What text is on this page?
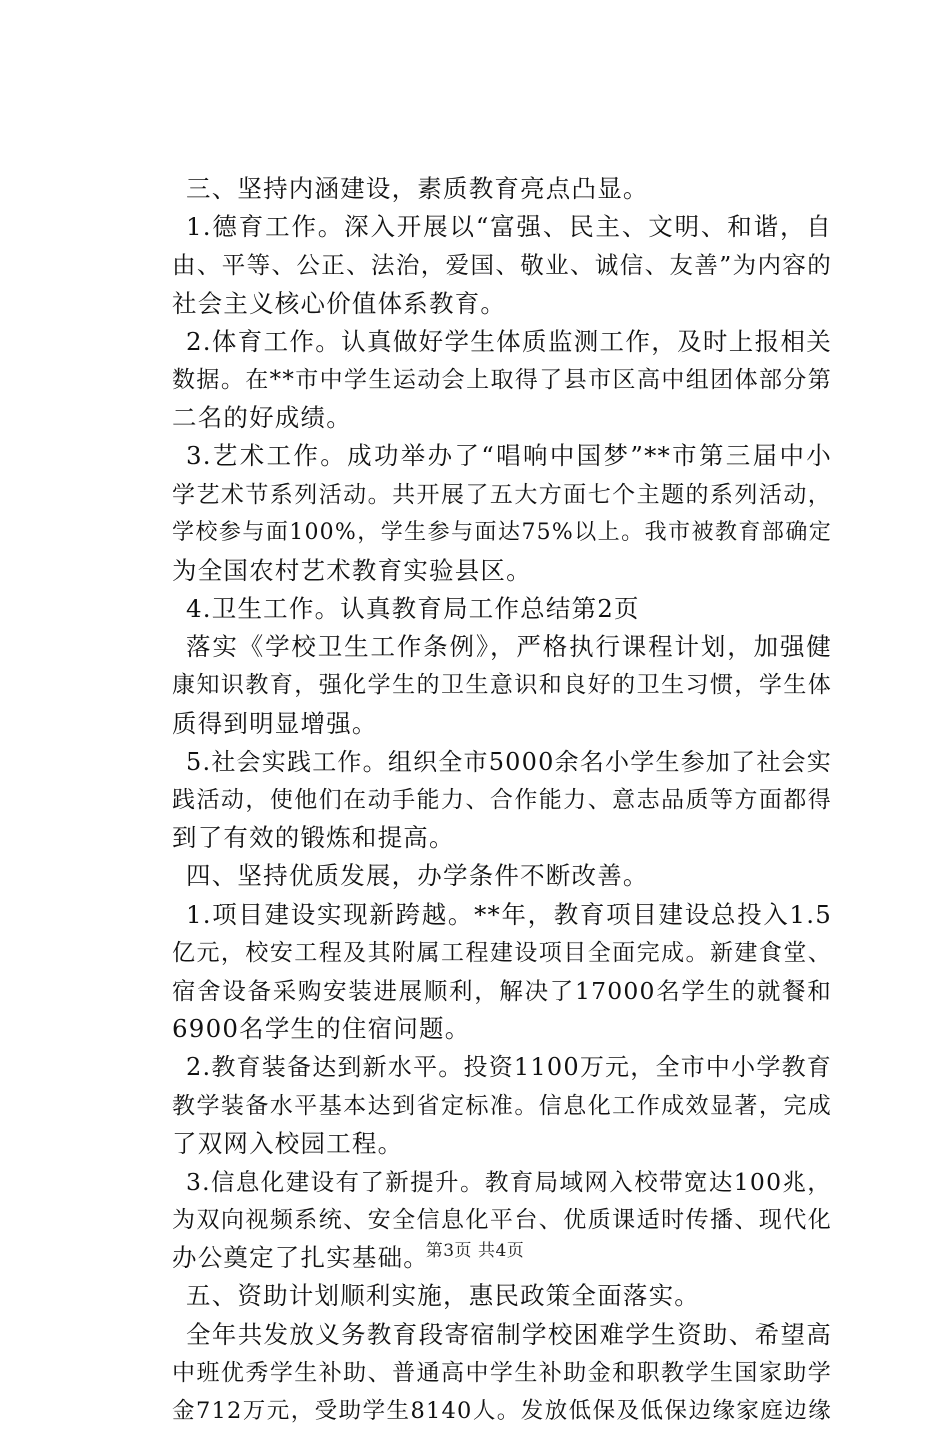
三、坚持内涵建设，素质教育亮点凸显。
1.德育工作。深入开展以“富强、民主、文明、和谐，自
由、平等、公正、法治，爱国、敬业、诚信、友善”为内容的
社会主义核心价值体系教育。
2.体育工作。认真做好学生体质监测工作，及时上报相关
数据。在**市中学生运动会上取得了县市区高中组团体部分第
二名的好成绩。
3.艺术工作。成功举办了“唱响中国梦”**市第三届中小
学艺术节系列活动。共开展了五大方面七个主题的系列活动，
学校参与面100%，学生参与面达75%以上。我市被教育部确定
为全国农村艺术教育实验县区。
4.卫生工作。认真教育局工作总结第2页
落实《学校卫生工作条例》，严格执行课程计划，加强健
康知识教育，强化学生的卫生意识和良好的卫生习惯，学生体
质得到明显增强。
5.社会实践工作。组织全市5000余名小学生参加了社会实
践活动，使他们在动手能力、合作能力、意志品质等方面都得
到了有效的锻炼和提高。
四、坚持优质发展，办学条件不断改善。
1.项目建设实现新跨越。**年，教育项目建设总投入1.5
亿元，校安工程及其附属工程建设项目全面完成。新建食堂、
宿舍设备采购安装进展顺利，解决了17000名学生的就餐和
6900名学生的住宿问题。
2.教育装备达到新水平。投资1100万元，全市中小学教育
教学装备水平基本达到省定标准。信息化工作成效显著，完成
了双网入校园工程。
3.信息化建设有了新提升。教育局域网入校带宽达100兆，
为双向视频系统、安全信息化平台、优质课适时传播、现代化
办公奠定了扎实基础。
五、资助计划顺利实施，惠民政策全面落实。
全年共发放义务教育段寄宿制学校困难学生资助、希望高
中班优秀学生补助、普通高中学生补助金和职教学生国家助学
金712万元，受助学生8140人。发放低保及低保边缘家庭边缘
第3页 共4页
